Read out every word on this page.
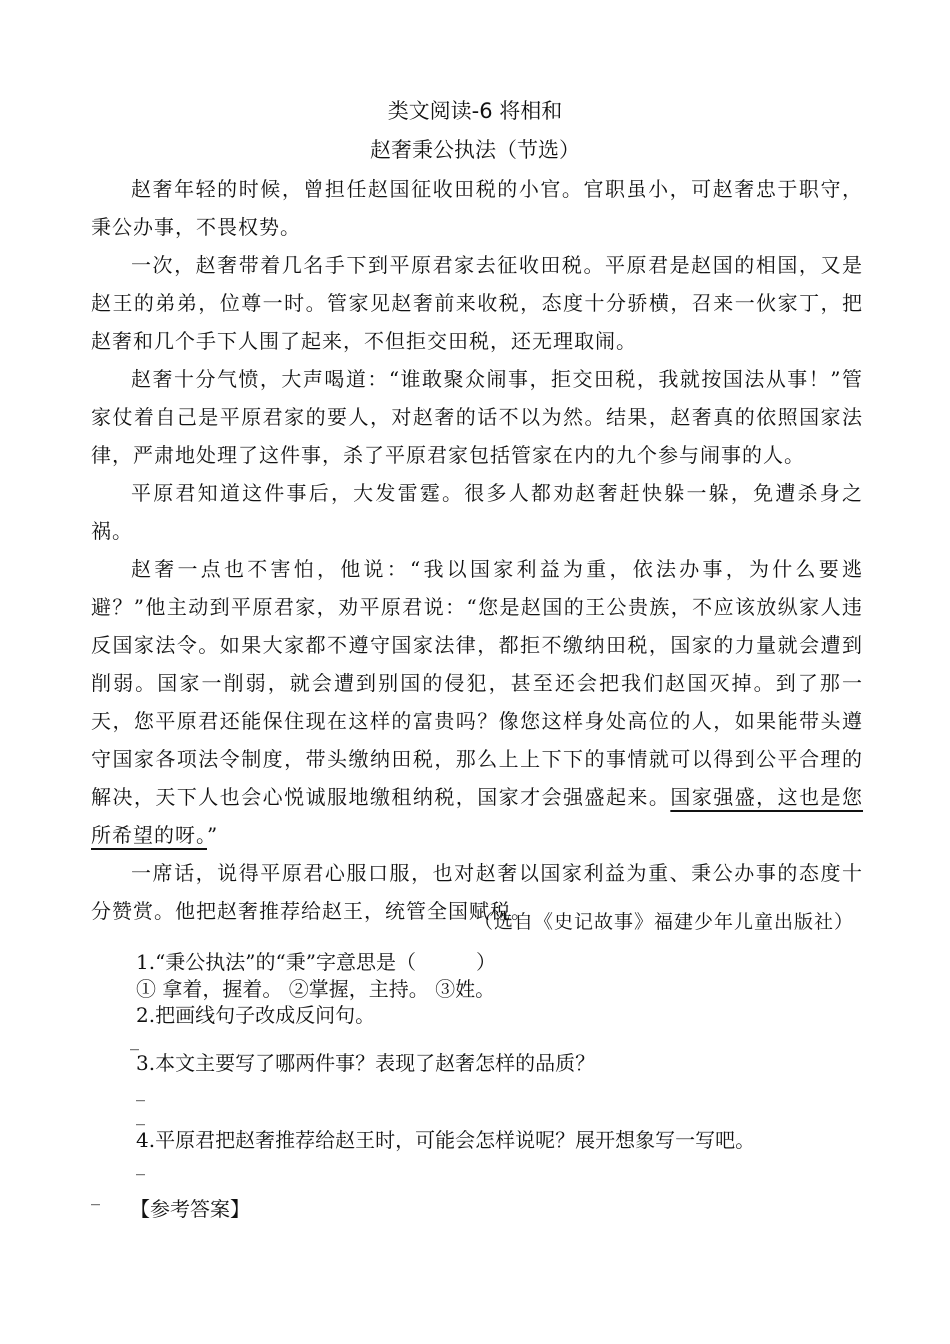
类文阅读-6 将相和
赵奢秉公执法（节选）

赵奢年轻的时候，曾担任赵国征收田税的小官。官职虽小，可赵奢忠于职守，秉公办事，不畏权势。

一次，赵奢带着几名手下到平原君家去征收田税。平原君是赵国的相国，又是赵王的弟弟，位尊一时。管家见赵奢前来收税，态度十分骄横，召来一伙家丁，把赵奢和几个手下人围了起来，不但拒交田税，还无理取闹。

赵奢十分气愤，大声喝道：“谁敢聚众闹事，拒交田税，我就按国法从事！”管家仗着自己是平原君家的要人，对赵奢的话不以为然。结果，赵奢真的依照国家法律，严肃地处理了这件事，杀了平原君家包括管家在内的九个参与闹事的人。

平原君知道这件事后，大发雷霆。很多人都劝赵奢赶快躲一躲，免遭杀身之祸。

赵奢一点也不害怕，他说：“我以国家利益为重，依法办事，为什么要逃避？”他主动到平原君家，劝平原君说：“您是赵国的王公贵族，不应该放纵家人违反国家法令。如果大家都不遵守国家法律，都拒不缴纳田税，国家的力量就会遭到削弱。国家一削弱，就会遭到别国的侵犯，甚至还会把我们赵国灭掉。到了那一天，您平原君还能保住现在这样的富贵吗？像您这样身处高位的人，如果能带头遵守国家各项法令制度，带头缴纳田税，那么上上下下的事情就可以得到公平合理的解决，天下人也会心悦诚服地缴租纳税，国家才会强盛起来。国家强盛，这也是您所希望的呀。”

一席话，说得平原君心服口服，也对赵奢以国家利益为重、秉公办事的态度十分赞赏。他把赵奢推荐给赵王，统管全国赋税。

（选自《史记故事》福建少年儿童出版社）
1.“秉公执法”的“秉”字意思是（　　　）
① 拿着，握着。 ②掌握，主持。 ③姓。
2.把画线句子改成反问句。
_
3.本文主要写了哪两件事？表现了赵奢怎样的品质？
_
_
4.平原君把赵奢推荐给赵王时，可能会怎样说呢？展开想象写一写吧。
_
_
【参考答案】
